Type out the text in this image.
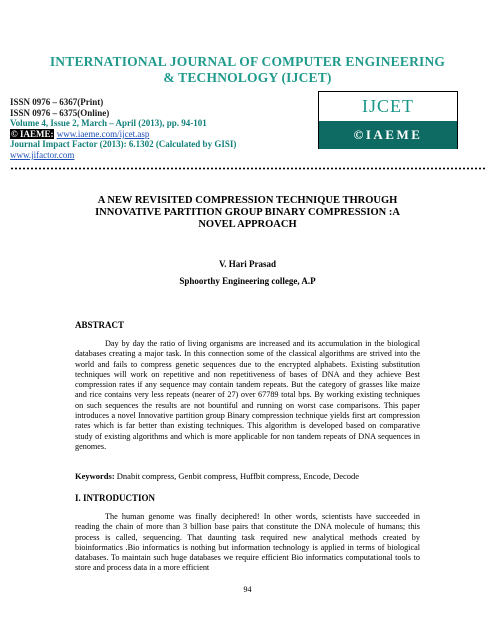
INTERNATIONAL JOURNAL OF COMPUTER ENGINEERING
& TECHNOLOGY (IJCET)
ISSN 0976 – 6367(Print)
ISSN 0976 – 6375(Online)
Volume 4, Issue 2, March – April (2013), pp. 94-101
© IAEME: www.iaeme.com/ijcet.asp
Journal Impact Factor (2013): 6.1302 (Calculated by GISI)
www.jifactor.com
IJCET
©IAEME
A NEW REVISITED COMPRESSION TECHNIQUE THROUGH
INNOVATIVE PARTITION GROUP BINARY COMPRESSION :A
NOVEL APPROACH
V. Hari Prasad
Sphoorthy Engineering college, A.P
ABSTRACT
Day by day the ratio of living organisms are increased and its accumulation in the biological databases creating a major task. In this connection some of the classical algorithms are strived into the world and fails to compress genetic sequences due to the encrypted alphabets. Existing substitution techniques will work on repetitive and non repetitiveness of bases of DNA and they achieve Best compression rates if any sequence may contain tandem repeats. But the category of grasses like maize and rice contains very less repeats (nearer of 27) over 67789 total bps. By working existing techniques on such sequences the results are not bountiful and running on worst case comparisons. This paper introduces a novel Innovative partition group Binary compression technique yields first art compression rates which is far better than existing techniques. This algorithm is developed based on comparative study of existing algorithms and which is more applicable for non tandem repeats of DNA sequences in genomes.
Keywords: Dnabit compress, Genbit compress, Huffbit compress, Encode, Decode
I. INTRODUCTION
The human genome was finally deciphered! In other words, scientists have succeeded in reading the chain of more than 3 billion base pairs that constitute the DNA molecule of humans; this process is called, sequencing. That daunting task required new analytical methods created by bioinformatics .Bio informatics is nothing but information technology is applied in terms of biological databases. To maintain such huge databases we require efficient Bio informatics computational tools to store and process data in a more efficient
94
